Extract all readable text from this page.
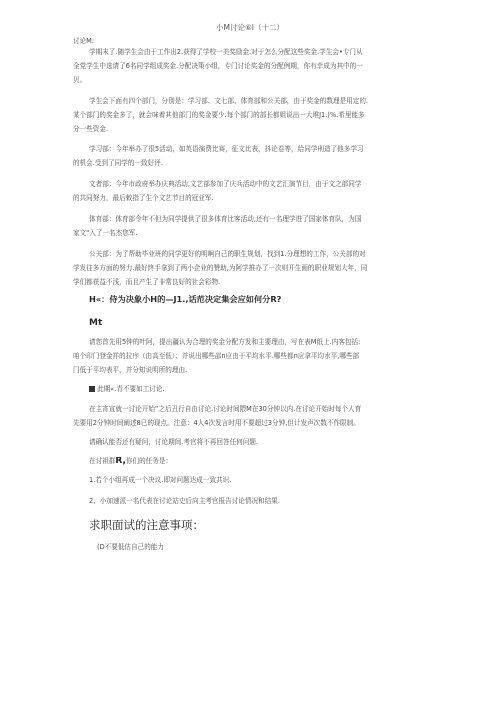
小M讨论⑥I（十二）
讨论M:
学期末了.随学生会由于工作出2.获得了学校一美奖励金.对于怎么分配这些奖金.学生会•专门从
全党学生中选请了6名同学组成奖金.分配决策小组，专门讨论奖金的分配例期，你有幸成为其中的一
贝。
学生会下面有四个部门，分别是：学习部、文七部、体育部和公关部，由于奖金的数理是用定的.
某个部门的奖金多了，就会味着其他部门的奖金要少.每个部门的部长都姐说出一大堆J1.)%.希里能多
分一些资金.
学习部：今年举办了很5活动，如英语演费比赛，征文比表，抖论卷等，给同学刑造了他多学习
的机会.受到了同学的一致好评.
文者部：今年市政府举办庆典活动,文艺部参加了庆兵活动中的文艺汇演节目，由于文之部同学
的共同努力，最后敕指了生个文艺节目的冠亚军.
体育部：体育部令年不但为同学提供了很多体育比客活动,还有一名理学进了国家体育队，为国
家文"入了一名杰您军.
公关部：为了帮助毕业班的同学更好的明啊自己的职生规划，找到1.分理想的工作，公关部的对
学发往多方面的努力.最好终手拿到了两小企业的赞助,为阿学推办了一次则开生画的职业规划大年，同
学们都获益不浅，而且产生了非常良好的社会彩物.
H«：侍为决象小H的—J1.,话范决定集会应如何分R?
Mt
请您首先用5钟的叶阿，提出疆认为合理的奖金分配方发和主要理由，写在表M纸上.内客包括:
咱个印门登金祥的拉序（由高至低）；并说出哪些邵n应由于平均水平.哪些都n应拿平均水平,哪些部
门低于平均表平，并分知说明所的理由.
此期«.青不要如工讨论.
在主宵宣就一讨论开始”之后丑行自由讨论.讨论时间隈M在30分钟以内.在讨论开始时每个人育
先要用2分钟时间阐述8已的现点。注意：4人4次发言时用不要超过3分钟,但计发声次数不作限制。
请确认能否还有疑问，讨论期间.考官将不再回答任何问题.
在讨祖群R,你们的任务是：
1.若个小组再成一个决议.即对问题达成一致共识.
2、小加速派一名代表在讨论站史后向主考官报告讨论情况和结果.
求职面试的注意事项：
(D不要低估自己的能力
